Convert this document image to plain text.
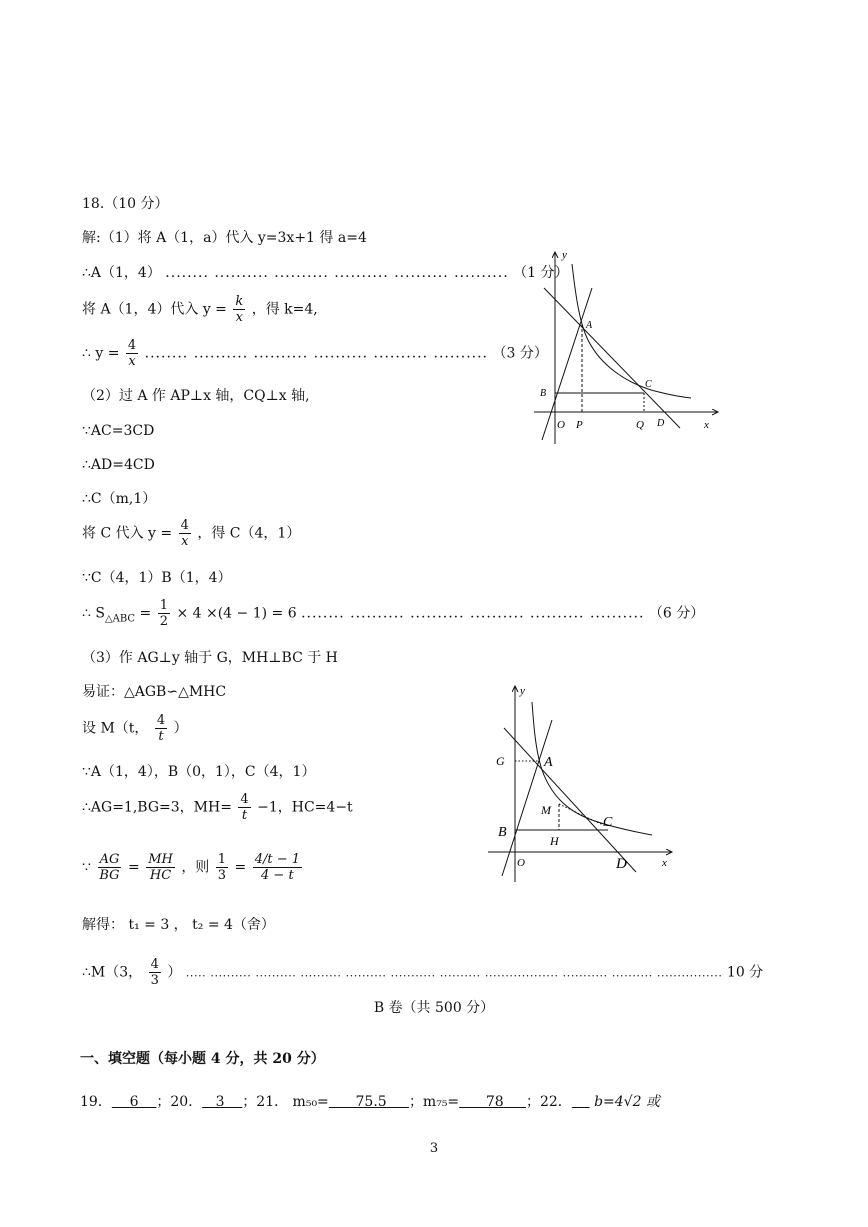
18.（10 分）
解:（1）将 A（1，a）代入 y=3x+1 得 a=4
∴A（1，4） ........ .......... .......... .......... .......... .......... （1 分）
将 A（1，4）代入 $y = \frac{k}{x}$ ，得 k=4,
∴ $y = \frac{4}{x}$ ........ .......... .......... .......... .......... .......... （3 分）
（2）过 A 作 AP⊥x 轴，CQ⊥x 轴,
∵AC=3CD
∴AD=4CD
∴C（m,1）
将 C 代入 $y = \frac{4}{x}$ ，得 C（4，1）
∵C（4，1）B（1，4）
∴ $S_{\triangle ABC} = \frac{1}{2} \times 4 \times(4 - 1) = 6$ ........ .......... .......... .......... .......... .......... （6 分）
（3）作 AG⊥y 轴于 G，MH⊥BC 于 H
易证：△AGB∽△MHC
设 M（t， $\frac{4}{t}$ ）
∵A（1，4），B（0，1），C（4，1）
∴AG=1,BG=3，$MH= \frac{4}{t} -1$，HC=4−t
∵ $\frac{AG}{BG} = \frac{MH}{HC}$ ，则 $\frac{1}{3} = \frac{4/t - 1}{4 - t}$
解得： t₁ = 3 ， t₂ = 4（舍）
∴M（3， $\frac{4}{3}$ ） ..... .......... .......... .......... .......... ........... .......... .................. ........... .......... ................ 10 分
B 卷（共 500 分）
一、填空题（每小题 4 分，共 20 分）
19． 6 ；20． 3 ；21． m₅₀= 75.5 ；m₇₅= 78 ；22． b=4√2 或
3
y
x
A
B
C
O P	Q D
y
x
G	A
M
B
C
H
O	D
